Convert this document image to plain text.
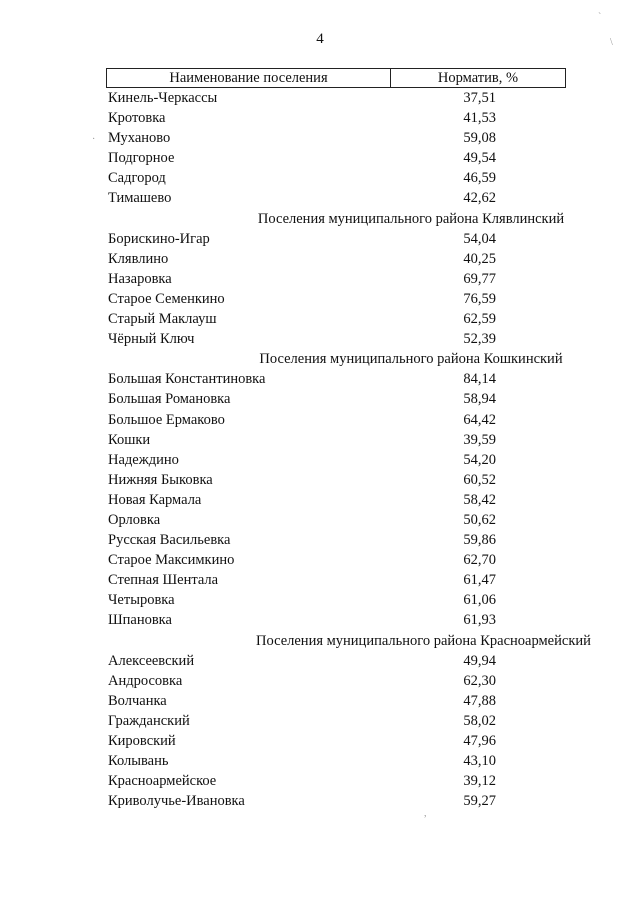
4
Наименование поселения	Норматив, %
Кинель-Черкассы	37,51
Кротовка	41,53
Муханово	59,08
Подгорное	49,54
Садгород	46,59
Тимашево	42,62
Поселения муниципального района Клявлинский
Борискино-Игар	54,04
Клявлино	40,25
Назаровка	69,77
Старое Семенкино	76,59
Старый Маклауш	62,59
Чёрный Ключ	52,39
Поселения муниципального района Кошкинский
Большая Константиновка	84,14
Большая Романовка	58,94
Большое Ермаково	64,42
Кошки	39,59
Надеждино	54,20
Нижняя Быковка	60,52
Новая Кармала	58,42
Орловка	50,62
Русская Васильевка	59,86
Старое Максимкино	62,70
Степная Шентала	61,47
Четыровка	61,06
Шпановка	61,93
Поселения муниципального района Красноармейский
Алексеевский	49,94
Андросовка	62,30
Волчанка	47,88
Гражданский	58,02
Кировский	47,96
Колывань	43,10
Красноармейское	39,12
Криволучье-Ивановка	59,27
`
\
·
,
